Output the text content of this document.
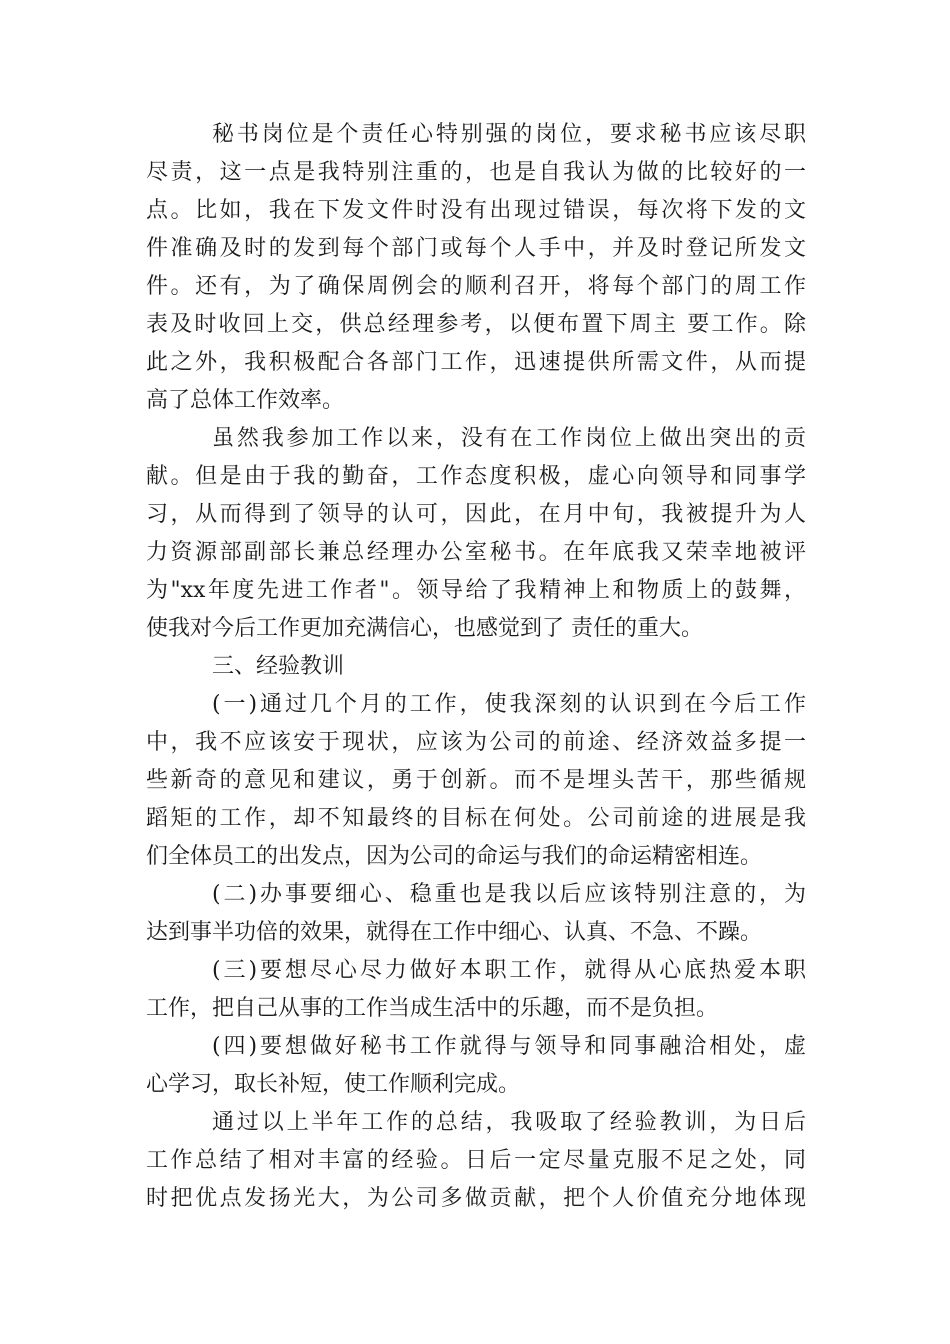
秘书岗位是个责任心特别强的岗位，要求秘书应该尽职
尽责，这一点是我特别注重的，也是自我认为做的比较好的一
点。比如，我在下发文件时没有出现过错误，每次将下发的文
件准确及时的发到每个部门或每个人手中，并及时登记所发文
件。还有，为了确保周例会的顺利召开，将每个部门的周工作
表及时收回上交，供总经理参考，以便布置下周主 要工作。除
此之外，我积极配合各部门工作，迅速提供所需文件，从而提
高了总体工作效率。
虽然我参加工作以来，没有在工作岗位上做出突出的贡
献。但是由于我的勤奋，工作态度积极，虚心向领导和同事学
习，从而得到了领导的认可，因此，在月中旬，我被提升为人
力资源部副部长兼总经理办公室秘书。在年底我又荣幸地被评
为"xx年度先进工作者"。领导给了我精神上和物质上的鼓舞，
使我对今后工作更加充满信心，也感觉到了 责任的重大。
三、经验教训
(一)通过几个月的工作，使我深刻的认识到在今后工作
中，我不应该安于现状，应该为公司的前途、经济效益多提一
些新奇的意见和建议，勇于创新。而不是埋头苦干，那些循规
蹈矩的工作，却不知最终的目标在何处。公司前途的进展是我
们全体员工的出发点，因为公司的命运与我们的命运精密相连。
(二)办事要细心、稳重也是我以后应该特别注意的，为
达到事半功倍的效果，就得在工作中细心、认真、不急、不躁。
(三)要想尽心尽力做好本职工作，就得从心底热爱本职
工作，把自己从事的工作当成生活中的乐趣，而不是负担。
(四)要想做好秘书工作就得与领导和同事融洽相处，虚
心学习，取长补短，使工作顺利完成。
通过以上半年工作的总结，我吸取了经验教训，为日后
工作总结了相对丰富的经验。日后一定尽量克服不足之处，同
时把优点发扬光大，为公司多做贡献，把个人价值充分地体现
